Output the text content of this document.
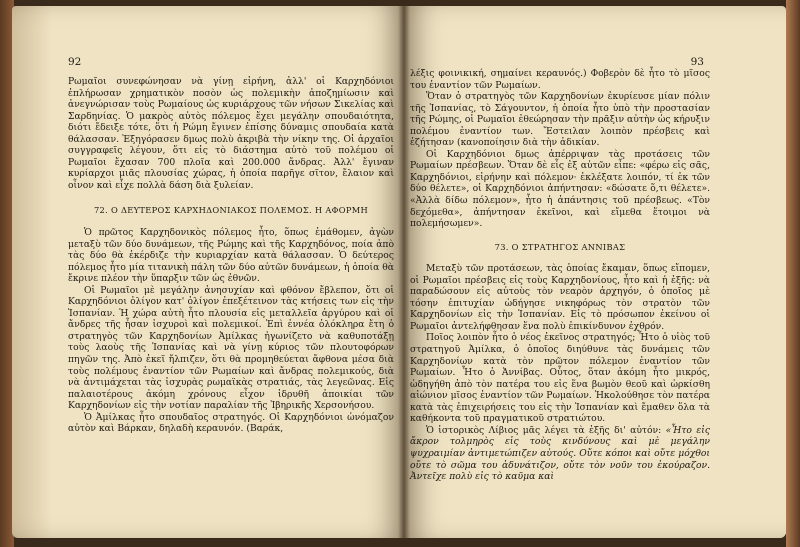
92

Ρωμαῖοι συνεφώνησαν νὰ γίνῃ εἰρήνη, ἀλλ' οἱ Καρχηδόνιοι ἐπλήρωσαν χρηματικὸν ποσὸν ὡς πολεμικὴν ἀποζημίωσιν καὶ ἀνεγνώρισαν τοὺς Ρωμαίους ὡς κυριάρχους τῶν νήσων Σικελίας καὶ Σαρδηνίας. Ὁ μακρὸς αὐτὸς πόλεμος ἔχει μεγάλην σπουδαιότητα, διότι ἔδειξε τότε, ὅτι ἡ Ρώμη ἔγινεν ἐπίσης δύναμις σπουδαία κατὰ θάλασσαν. Ἐξηγόρασεν δμως πολὺ ἀκριβὰ τὴν νίκην της. Οἱ ἀρχαῖοι συγγραφεῖς λέγουν, ὅτι εἰς τὸ διάστημα αὐτὸ τοῦ πολέμου οἱ Ρωμαῖοι ἔχασαν 700 πλοῖα καὶ 200.000 ἄνδρας. Ἀλλ' ἔγιναν κυρίαρχοι μιᾶς πλουσίας χώρας, ἡ ὁποία παρῆγε σῖτον, ἔλαιον καὶ οἶνον καὶ εἶχε πολλὰ δάση διὰ ξυλείαν.

72. Ο ΔΕΥΤΕΡΟΣ ΚΑΡΧΗΔΟΝΙΑΚΟΣ ΠΟΛΕΜΟΣ. Η ΑΦΟΡΜΗ

Ὁ πρῶτος Καρχηδονικὸς πόλεμος ἦτο, ὅπως ἐμάθομεν, ἀγὼν μεταξὺ τῶν δύο δυνάμεων, τῆς Ρώμης καὶ τῆς Καρχηδόνος, ποία ἀπὸ τὰς δύο θὰ ἐκέρδιζε τὴν κυριαρχίαν κατὰ θάλασσαν. Ὁ δεύτερος πόλεμος ἦτο μία τιτανικὴ πάλη τῶν δύο αὐτῶν δυνάμεων, ἡ ὁποία θὰ ἔκρινε πλέον τὴν ὕπαρξιν τῶν ὡς ἐθνῶν.

Οἱ Ρωμαῖοι μὲ μεγάλην ἀνησυχίαν καὶ φθόνον ἔβλεπον, ὅτι οἱ Καρχηδόνιοι ὀλίγον κατ' ὀλίγον ἐπεξέτεινον τὰς κτήσεις των εἰς τὴν Ἱσπανίαν. Ἡ χώρα αὐτὴ ἦτο πλουσία εἰς μεταλλεῖα ἀργύρου καὶ οἱ ἄνδρες τῆς ἦσαν ἰσχυροὶ καὶ πολεμικοί. Ἐπὶ ἐννέα ὁλόκληρα ἔτη ὁ στρατηγὸς τῶν Καρχηδονίων Ἀμίλκας ἠγωνίζετο νὰ καθυποτάξῃ τοὺς λαοὺς τῆς Ἱσπανίας καὶ νὰ γίνῃ κύριος τῶν πλουτοφόρων πηγῶν της. Ἀπὸ ἐκεῖ ἤλπιζεν, ὅτι θὰ προμηθεύεται ἄφθονα μέσα διὰ τοὺς πολέμους ἐναντίον τῶν Ρωμαίων καὶ ἄνδρας πολεμικούς, διὰ νὰ ἀντιμάχεται τὰς ἰσχυρὰς ρωμαϊκὰς στρατιάς, τὰς λεγεῶνας. Εἰς παλαιοτέρους ἀκόμη χρόνους εἶχον ἱδρυθῆ ἀποικίαι τῶν Καρχηδονίων εἰς τὴν νοτίαν παραλίαν τῆς Ἰβηρικῆς Χερσονήσου.

Ὁ Ἀμίλκας ἦτο σπουδαῖος στρατηγός. Οἱ Καρχηδόνιοι ὠνόμαζον αὐτὸν καὶ Βάρκαν, δηλαδὴ κεραυνόν. (Βαράκ,

93

λέξις φοινικική, σημαίνει κεραυνός.) Φοβερὸν δὲ ἦτο τὸ μῖσος του ἐναντίον τῶν Ρωμαίων.

Ὅταν ὁ στρατηγὸς τῶν Καρχηδονίων ἐκυρίευσε μίαν πόλιν τῆς Ἱσπανίας, τὸ Σάγουντον, ἡ ὁποία ἦτο ὑπὸ τὴν προστασίαν τῆς Ρώμης, οἱ Ρωμαῖοι ἐθεώρησαν τὴν πρᾶξιν αὐτὴν ὡς κήρυξιν πολέμου ἐναντίον των. Ἔστειλαν λοιπὸν πρέσβεις καὶ ἐζήτησαν (κανοποίησιν διὰ τὴν ἀδικίαν.

Οἱ Καρχηδόνιοι δμως ἀπέρριψαν τὰς προτάσεις τῶν Ρωμαίων πρέσβεων. Ὅταν δὲ εἷς ἐξ αὐτῶν εἶπε: «φέρω εἰς σᾶς, Καρχηδόνιοι, εἰρήνην καὶ πόλεμον· ἐκλέξατε λοιπόν, τί ἐκ τῶν δύο θέλετε», οἱ Καρχηδόνιοι ἀπήντησαν: «δώσατε ὅ,τι θέλετε». «Ἀλλὰ δίδω πόλεμον», ἦτο ἡ ἀπάντησις τοῦ πρέσβεως. «Τὸν δεχόμεθα», ἀπήντησαν ἐκεῖνοι, καὶ εἴμεθα ἕτοιμοι νὰ πολεμήσωμεν».

73. Ο ΣΤΡΑΤΗΓΟΣ ΑΝΝΙΒΑΣ

Μεταξὺ τῶν προτάσεων, τὰς ὁποίας ἔκαμαν, ὅπως εἴπομεν, οἱ Ρωμαῖοι πρέσβεις εἰς τοὺς Καρχηδονίους, ἦτο καὶ ἡ ἑξῆς: νὰ παραδώσουν εἰς αὐτοὺς τὸν νεαρὸν ἀρχηγόν, ὁ ὁποῖος μὲ τόσην ἐπιτυχίαν ὡδήγησε νικηφόρως τὸν στρατὸν τῶν Καρχηδονίων εἰς τὴν Ἱσπανίαν. Εἰς τὸ πρόσωπον ἐκείνου οἱ Ρωμαῖοι ἀντελήφθησαν ἕνα πολὺ ἐπικίνδυνον ἐχθρόν.

Ποῖος λοιπὸν ἦτο ὁ νέος ἐκεῖνος στρατηγός; Ἦτο ὁ υἱὸς τοῦ στρατηγοῦ Ἀμίλκα, ὁ ὁποῖος διηύθυνε τὰς δυνάμεις τῶν Καρχηδονίων κατὰ τὸν πρῶτον πόλεμον ἐναντίον τῶν Ρωμαίων. Ἦτο ὁ Ἀννίβας. Οὗτος, ὅταν ἀκόμη ἦτο μικρός, ὡδηγήθη ἀπὸ τὸν πατέρα του εἰς ἕνα βωμὸν θεοῦ καὶ ὡρκίσθη αἰώνιον μῖσος ἐναντίον τῶν Ρωμαίων. Ἠκολούθησε τὸν πατέρα κατὰ τὰς ἐπιχειρήσεις του εἰς τὴν Ἱσπανίαν καὶ ἔμαθεν ὅλα τὰ καθήκοντα τοῦ πραγματικοῦ στρατιώτου.

Ὁ ἱστορικὸς Λίβιος μᾶς λέγει τὰ ἑξῆς δι' αὐτόν: «Ἦτο εἰς ἄκρον τολμηρὸς εἰς τοὺς κινδύνους καὶ μὲ μεγάλην ψυχραιμίαν ἀντιμετώπιζεν αὐτούς. Οὔτε κόποι καὶ οὔτε μόχθοι οὔτε τὸ σῶμα του ἀδυνάτιζον, οὔτε τὸν νοῦν του ἐκούραζον. Ἀντεῖχε πολὺ εἰς τὸ καῦμα καὶ
